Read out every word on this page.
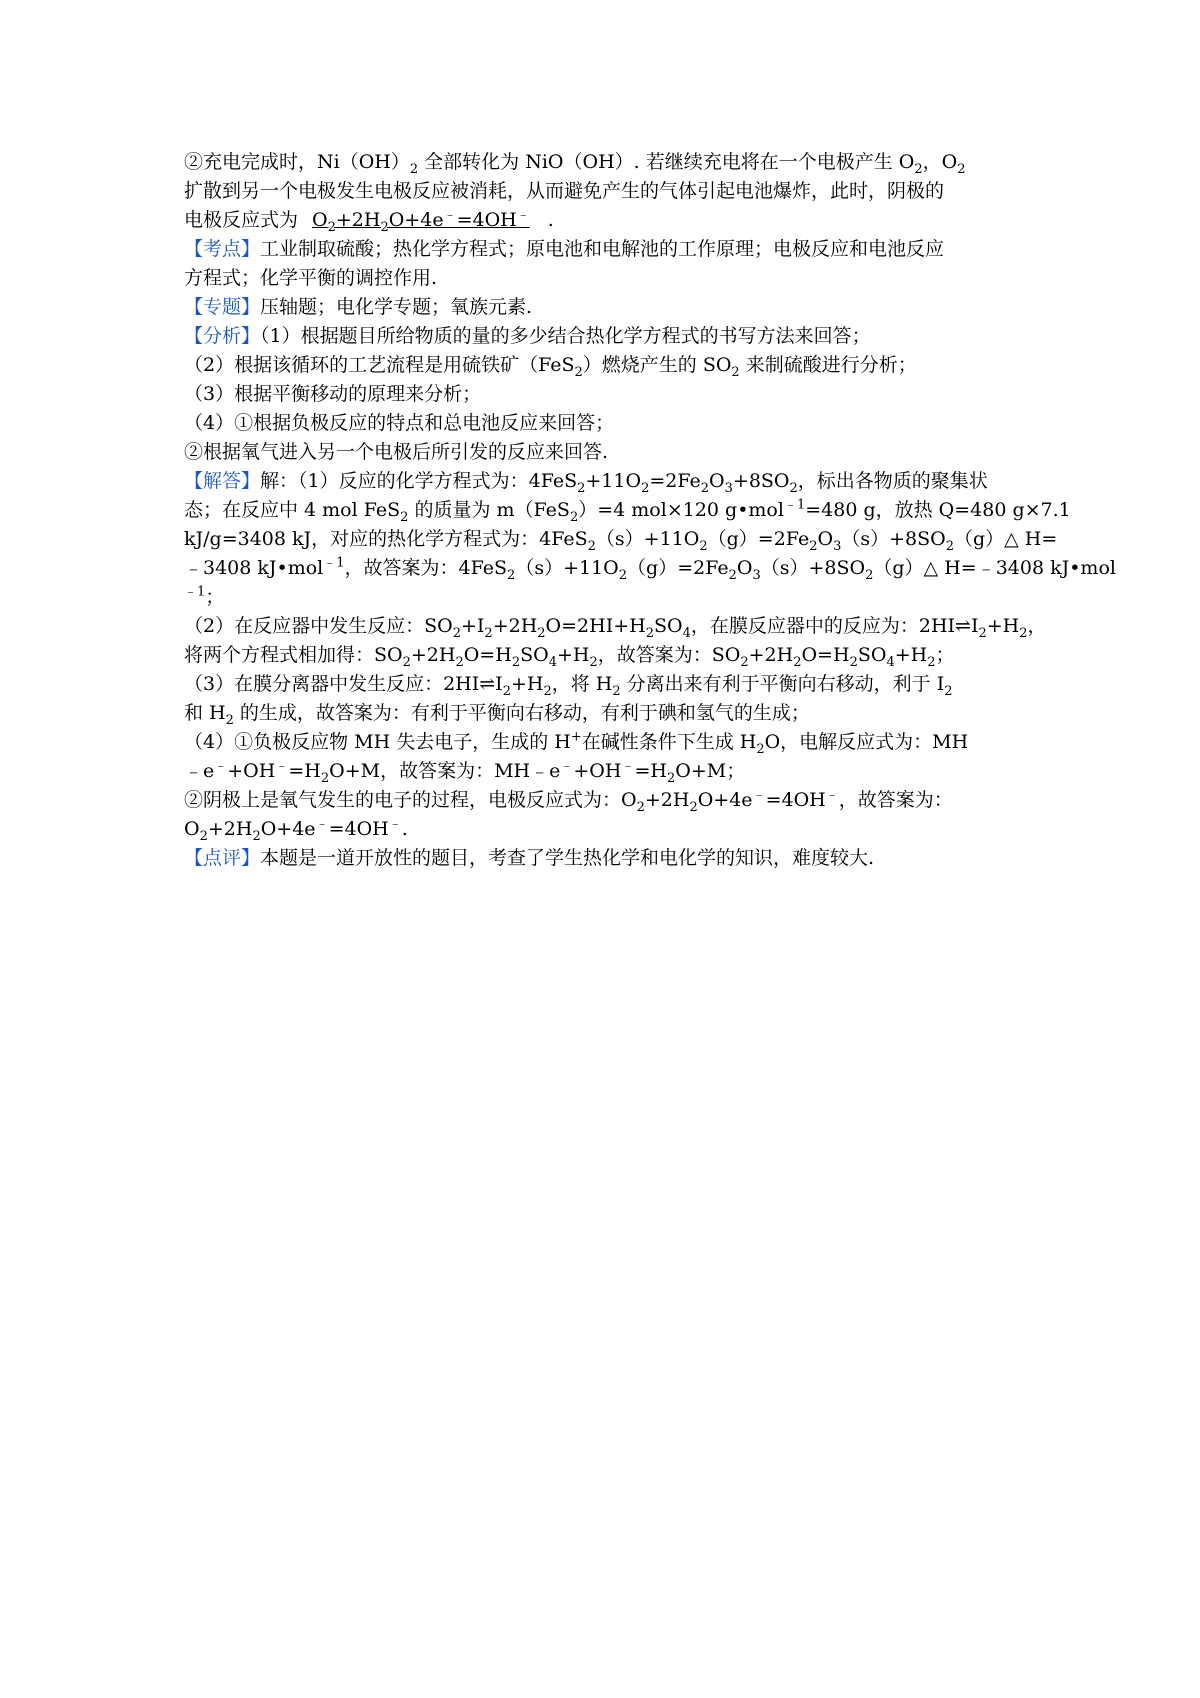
②充电完成时，$Ni(OH)_2$ 全部转化为 NiO（OH）. 若继续充电将在一个电极产生 $O_2$，$O_2$
扩散到另一个电极发生电极反应被消耗，从而避免产生的气体引起电池爆炸，此时，阴极的
电极反应式为 $O_2+2H_2O+4e^﹣=4OH^﹣$ .
【考点】工业制取硫酸；热化学方程式；原电池和电解池的工作原理；电极反应和电池反应
方程式；化学平衡的调控作用.
【专题】压轴题；电化学专题；氧族元素.
【分析】（1）根据题目所给物质的量的多少结合热化学方程式的书写方法来回答；
（2）根据该循环的工艺流程是用硫铁矿（FeS$_2$）燃烧产生的 $SO_2$ 来制硫酸进行分析；
（3）根据平衡移动的原理来分析；
（4）①根据负极反应的特点和总电池反应来回答；
②根据氧气进入另一个电极后所引发的反应来回答.
【解答】解：（1）反应的化学方程式为：$4FeS_2+11O_2=2Fe_2O_3+8SO_2$，标出各物质的聚集状
态；在反应中 4 mol FeS$_2$ 的质量为 m（FeS$_2$）=4 mol×120 g•mol$^{﹣1}$=480 g，放热 Q=480 g×7.1
kJ/g=3408 kJ，对应的热化学方程式为：$4FeS_2(s)+11O_2(g)=2Fe_2O_3(s)+8SO_2(g)\triangle$ H=
﹣3408 kJ•mol$^{﹣1}$，故答案为：$4FeS_2(s)+11O_2(g)=2Fe_2O_3(s)+8SO_2(g)\triangle$ H=﹣3408 kJ•mol
$^{﹣1}$；
（2）在反应器中发生反应：$SO_2+I_2+2H_2O=2HI+H_2SO_4$，在膜反应器中的反应为：$2HI\rightleftharpoons I_2+H_2$，
将两个方程式相加得：$SO_2+2H_2O=H_2SO_4+H_2$，故答案为：$SO_2+2H_2O=H_2SO_4+H_2$；
（3）在膜分离器中发生反应：$2HI\rightleftharpoons I_2+H_2$，将 $H_2$ 分离出来有利于平衡向右移动，利于 $I_2$
和 $H_2$ 的生成，故答案为：有利于平衡向右移动，有利于碘和氢气的生成；
（4）①负极反应物 MH 失去电子，生成的 H+在碱性条件下生成 $H_2O$，电解反应式为：MH
$﹣e^﹣+OH^﹣=H_2O+M$，故答案为：$MH﹣e^﹣+OH^﹣=H_2O+M$；
②阴极上是氧气发生的电子的过程，电极反应式为：$O_2+2H_2O+4e^﹣=4OH^﹣$，故答案为：
$O_2+2H_2O+4e^﹣=4OH^﹣$.
【点评】本题是一道开放性的题目，考查了学生热化学和电化学的知识，难度较大.
